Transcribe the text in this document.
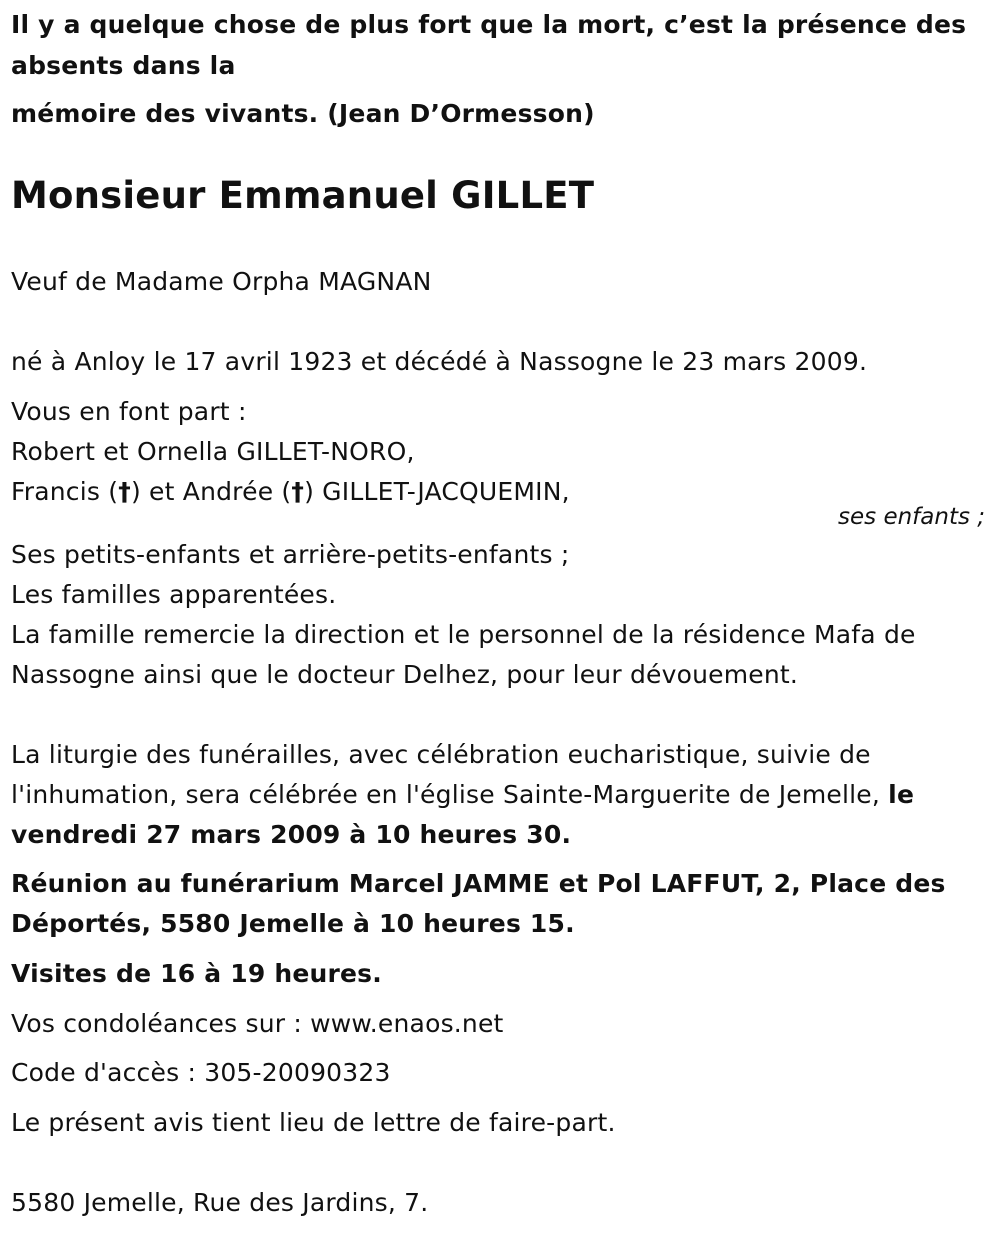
Il y a quelque chose de plus fort que la mort, c’est la présence des
absents dans la
mémoire des vivants. (Jean D’Ormesson)
Monsieur Emmanuel GILLET
Veuf de Madame Orpha MAGNAN
né à Anloy le 17 avril 1923 et décédé à Nassogne le 23 mars 2009.
Vous en font part :
Robert et Ornella GILLET-NORO,
Francis (†) et Andrée (†) GILLET-JACQUEMIN,
ses enfants ;
Ses petits-enfants et arrière-petits-enfants ;
Les familles apparentées.
La famille remercie la direction et le personnel de la résidence Mafa de
Nassogne ainsi que le docteur Delhez, pour leur dévouement.
La liturgie des funérailles, avec célébration eucharistique, suivie de
l'inhumation, sera célébrée en l'église Sainte-Marguerite de Jemelle, le
vendredi 27 mars 2009 à 10 heures 30.
Réunion au funérarium Marcel JAMME et Pol LAFFUT, 2, Place des
Déportés, 5580 Jemelle à 10 heures 15.
Visites de 16 à 19 heures.
Vos condoléances sur : www.enaos.net
Code d'accès : 305-20090323
Le présent avis tient lieu de lettre de faire-part.
5580 Jemelle, Rue des Jardins, 7.
